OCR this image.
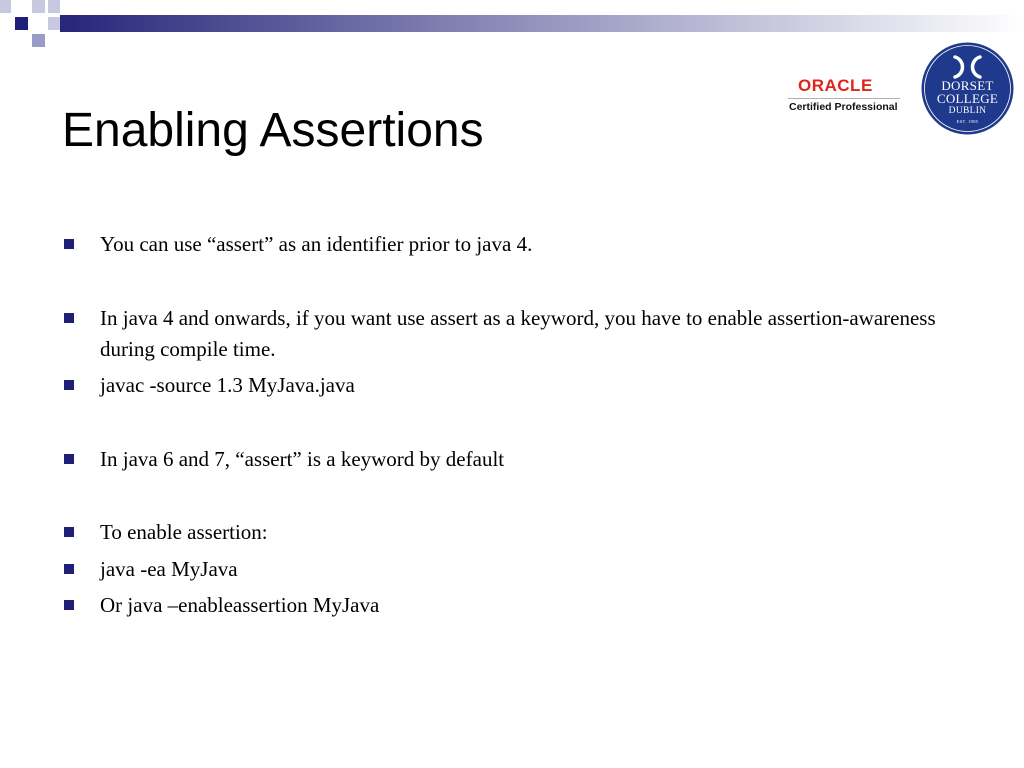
Enabling Assertions
ORACLE
Certified Professional
DORSET
COLLEGE
DUBLIN
EST. 1985
You can use “assert” as an identifier prior to java 4.
In java 4 and onwards, if you want use assert as a keyword, you have to enable assertion-awareness during compile time.
javac -source 1.3 MyJava.java
In java 6 and 7, “assert” is a keyword by default
To enable assertion:
java -ea MyJava
Or java –enableassertion MyJava
